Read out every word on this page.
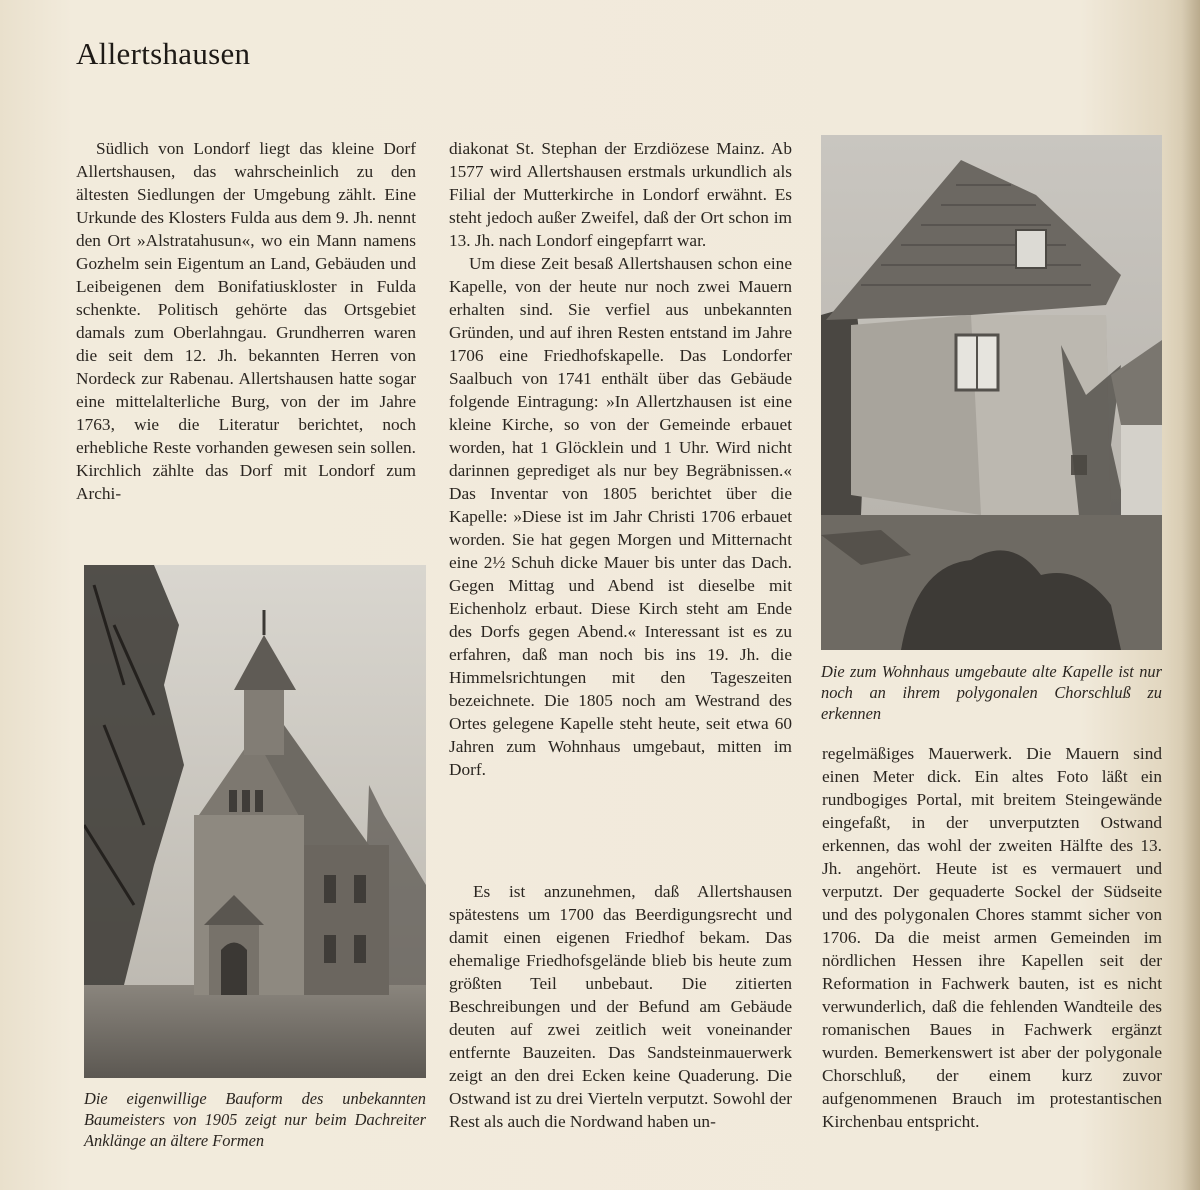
Allertshausen

Südlich von Londorf liegt das kleine Dorf Allertshausen, das wahrscheinlich zu den ältesten Siedlungen der Umgebung zählt. Eine Urkunde des Klosters Fulda aus dem 9. Jh. nennt den Ort »Alstratahusun«, wo ein Mann namens Gozhelm sein Eigentum an Land, Gebäuden und Leibeigenen dem Bonifatiuskloster in Fulda schenkte. Politisch gehörte das Ortsgebiet damals zum Oberlahngau. Grundherren waren die seit dem 12. Jh. bekannten Herren von Nordeck zur Rabenau. Allertshausen hatte sogar eine mittelalterliche Burg, von der im Jahre 1763, wie die Literatur berichtet, noch erhebliche Reste vorhanden gewesen sein sollen. Kirchlich zählte das Dorf mit Londorf zum Archi-

Die eigenwillige Bauform des unbekannten Baumeisters von 1905 zeigt nur beim Dachreiter Anklänge an ältere Formen

diakonat St. Stephan der Erzdiözese Mainz. Ab 1577 wird Allertshausen erstmals urkundlich als Filial der Mutterkirche in Londorf erwähnt. Es steht jedoch außer Zweifel, daß der Ort schon im 13. Jh. nach Londorf eingepfarrt war.

Um diese Zeit besaß Allertshausen schon eine Kapelle, von der heute nur noch zwei Mauern erhalten sind. Sie verfiel aus unbekannten Gründen, und auf ihren Resten entstand im Jahre 1706 eine Friedhofskapelle. Das Londorfer Saalbuch von 1741 enthält über das Gebäude folgende Eintragung: »In Allertzhausen ist eine kleine Kirche, so von der Gemeinde erbauet worden, hat 1 Glöcklein und 1 Uhr. Wird nicht darinnen geprediget als nur bey Begräbnissen.« Das Inventar von 1805 berichtet über die Kapelle: »Diese ist im Jahr Christi 1706 erbauet worden. Sie hat gegen Morgen und Mitternacht eine 2½ Schuh dicke Mauer bis unter das Dach. Gegen Mittag und Abend ist dieselbe mit Eichenholz erbaut. Diese Kirch steht am Ende des Dorfs gegen Abend.« Interessant ist es zu erfahren, daß man noch bis ins 19. Jh. die Himmelsrichtungen mit den Tageszeiten bezeichnete. Die 1805 noch am Westrand des Ortes gelegene Kapelle steht heute, seit etwa 60 Jahren zum Wohnhaus umgebaut, mitten im Dorf.

Es ist anzunehmen, daß Allertshausen spätestens um 1700 das Beerdigungsrecht und damit einen eigenen Friedhof bekam. Das ehemalige Friedhofsgelände blieb bis heute zum größten Teil unbebaut. Die zitierten Beschreibungen und der Befund am Gebäude deuten auf zwei zeitlich weit voneinander entfernte Bauzeiten. Das Sandsteinmauerwerk zeigt an den drei Ecken keine Quaderung. Die Ostwand ist zu drei Vierteln verputzt. Sowohl der Rest als auch die Nordwand haben un-

Die zum Wohnhaus umgebaute alte Kapelle ist nur noch an ihrem polygonalen Chorschluß zu erkennen

regelmäßiges Mauerwerk. Die Mauern sind einen Meter dick. Ein altes Foto läßt ein rundbogiges Portal, mit breitem Steingewände eingefaßt, in der unverputzten Ostwand erkennen, das wohl der zweiten Hälfte des 13. Jh. angehört. Heute ist es vermauert und verputzt. Der gequaderte Sockel der Südseite und des polygonalen Chores stammt sicher von 1706. Da die meist armen Gemeinden im nördlichen Hessen ihre Kapellen seit der Reformation in Fachwerk bauten, ist es nicht verwunderlich, daß die fehlenden Wandteile des romanischen Baues in Fachwerk ergänzt wurden. Bemerkenswert ist aber der polygonale Chorschluß, der einem kurz zuvor aufgenommenen Brauch im protestantischen Kirchenbau entspricht.
